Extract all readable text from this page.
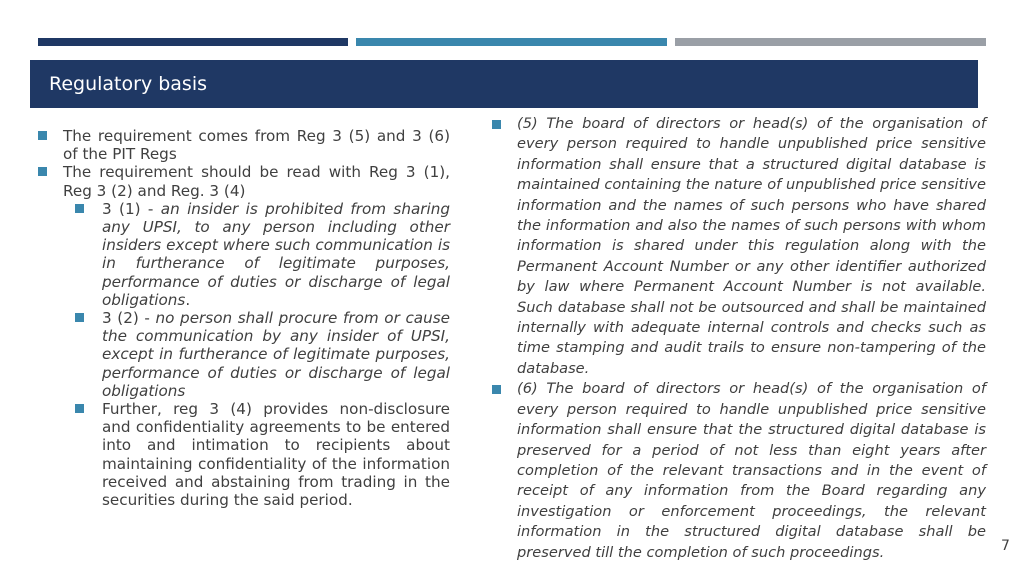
Regulatory basis
The requirement comes from Reg 3 (5) and 3 (6) of the PIT Regs
The requirement should be read with Reg 3 (1), Reg 3 (2) and Reg. 3 (4)
3 (1) - an insider is prohibited from sharing any UPSI, to any person including other insiders except where such communication is in furtherance of legitimate purposes, performance of duties or discharge of legal obligations.
3 (2) - no person shall procure from or cause the communication by any insider of UPSI, except in furtherance of legitimate purposes, performance of duties or discharge of legal obligations
Further, reg 3 (4) provides non-disclosure and confidentiality agreements to be entered into and intimation to recipients about maintaining confidentiality of the information received and abstaining from trading in the securities during the said period.
(5) The board of directors or head(s) of the organisation of every person required to handle unpublished price sensitive information shall ensure that a structured digital database is maintained containing the nature of unpublished price sensitive information and the names of such persons who have shared the information and also the names of such persons with whom information is shared under this regulation along with the Permanent Account Number or any other identifier authorized by law where Permanent Account Number is not available. Such database shall not be outsourced and shall be maintained internally with adequate internal controls and checks such as time stamping and audit trails to ensure non-tampering of the database.
(6) The board of directors or head(s) of the organisation of every person required to handle unpublished price sensitive information shall ensure that the structured digital database is preserved for a period of not less than eight years after completion of the relevant transactions and in the event of receipt of any information from the Board regarding any investigation or enforcement proceedings, the relevant information in the structured digital database shall be preserved till the completion of such proceedings.	7
